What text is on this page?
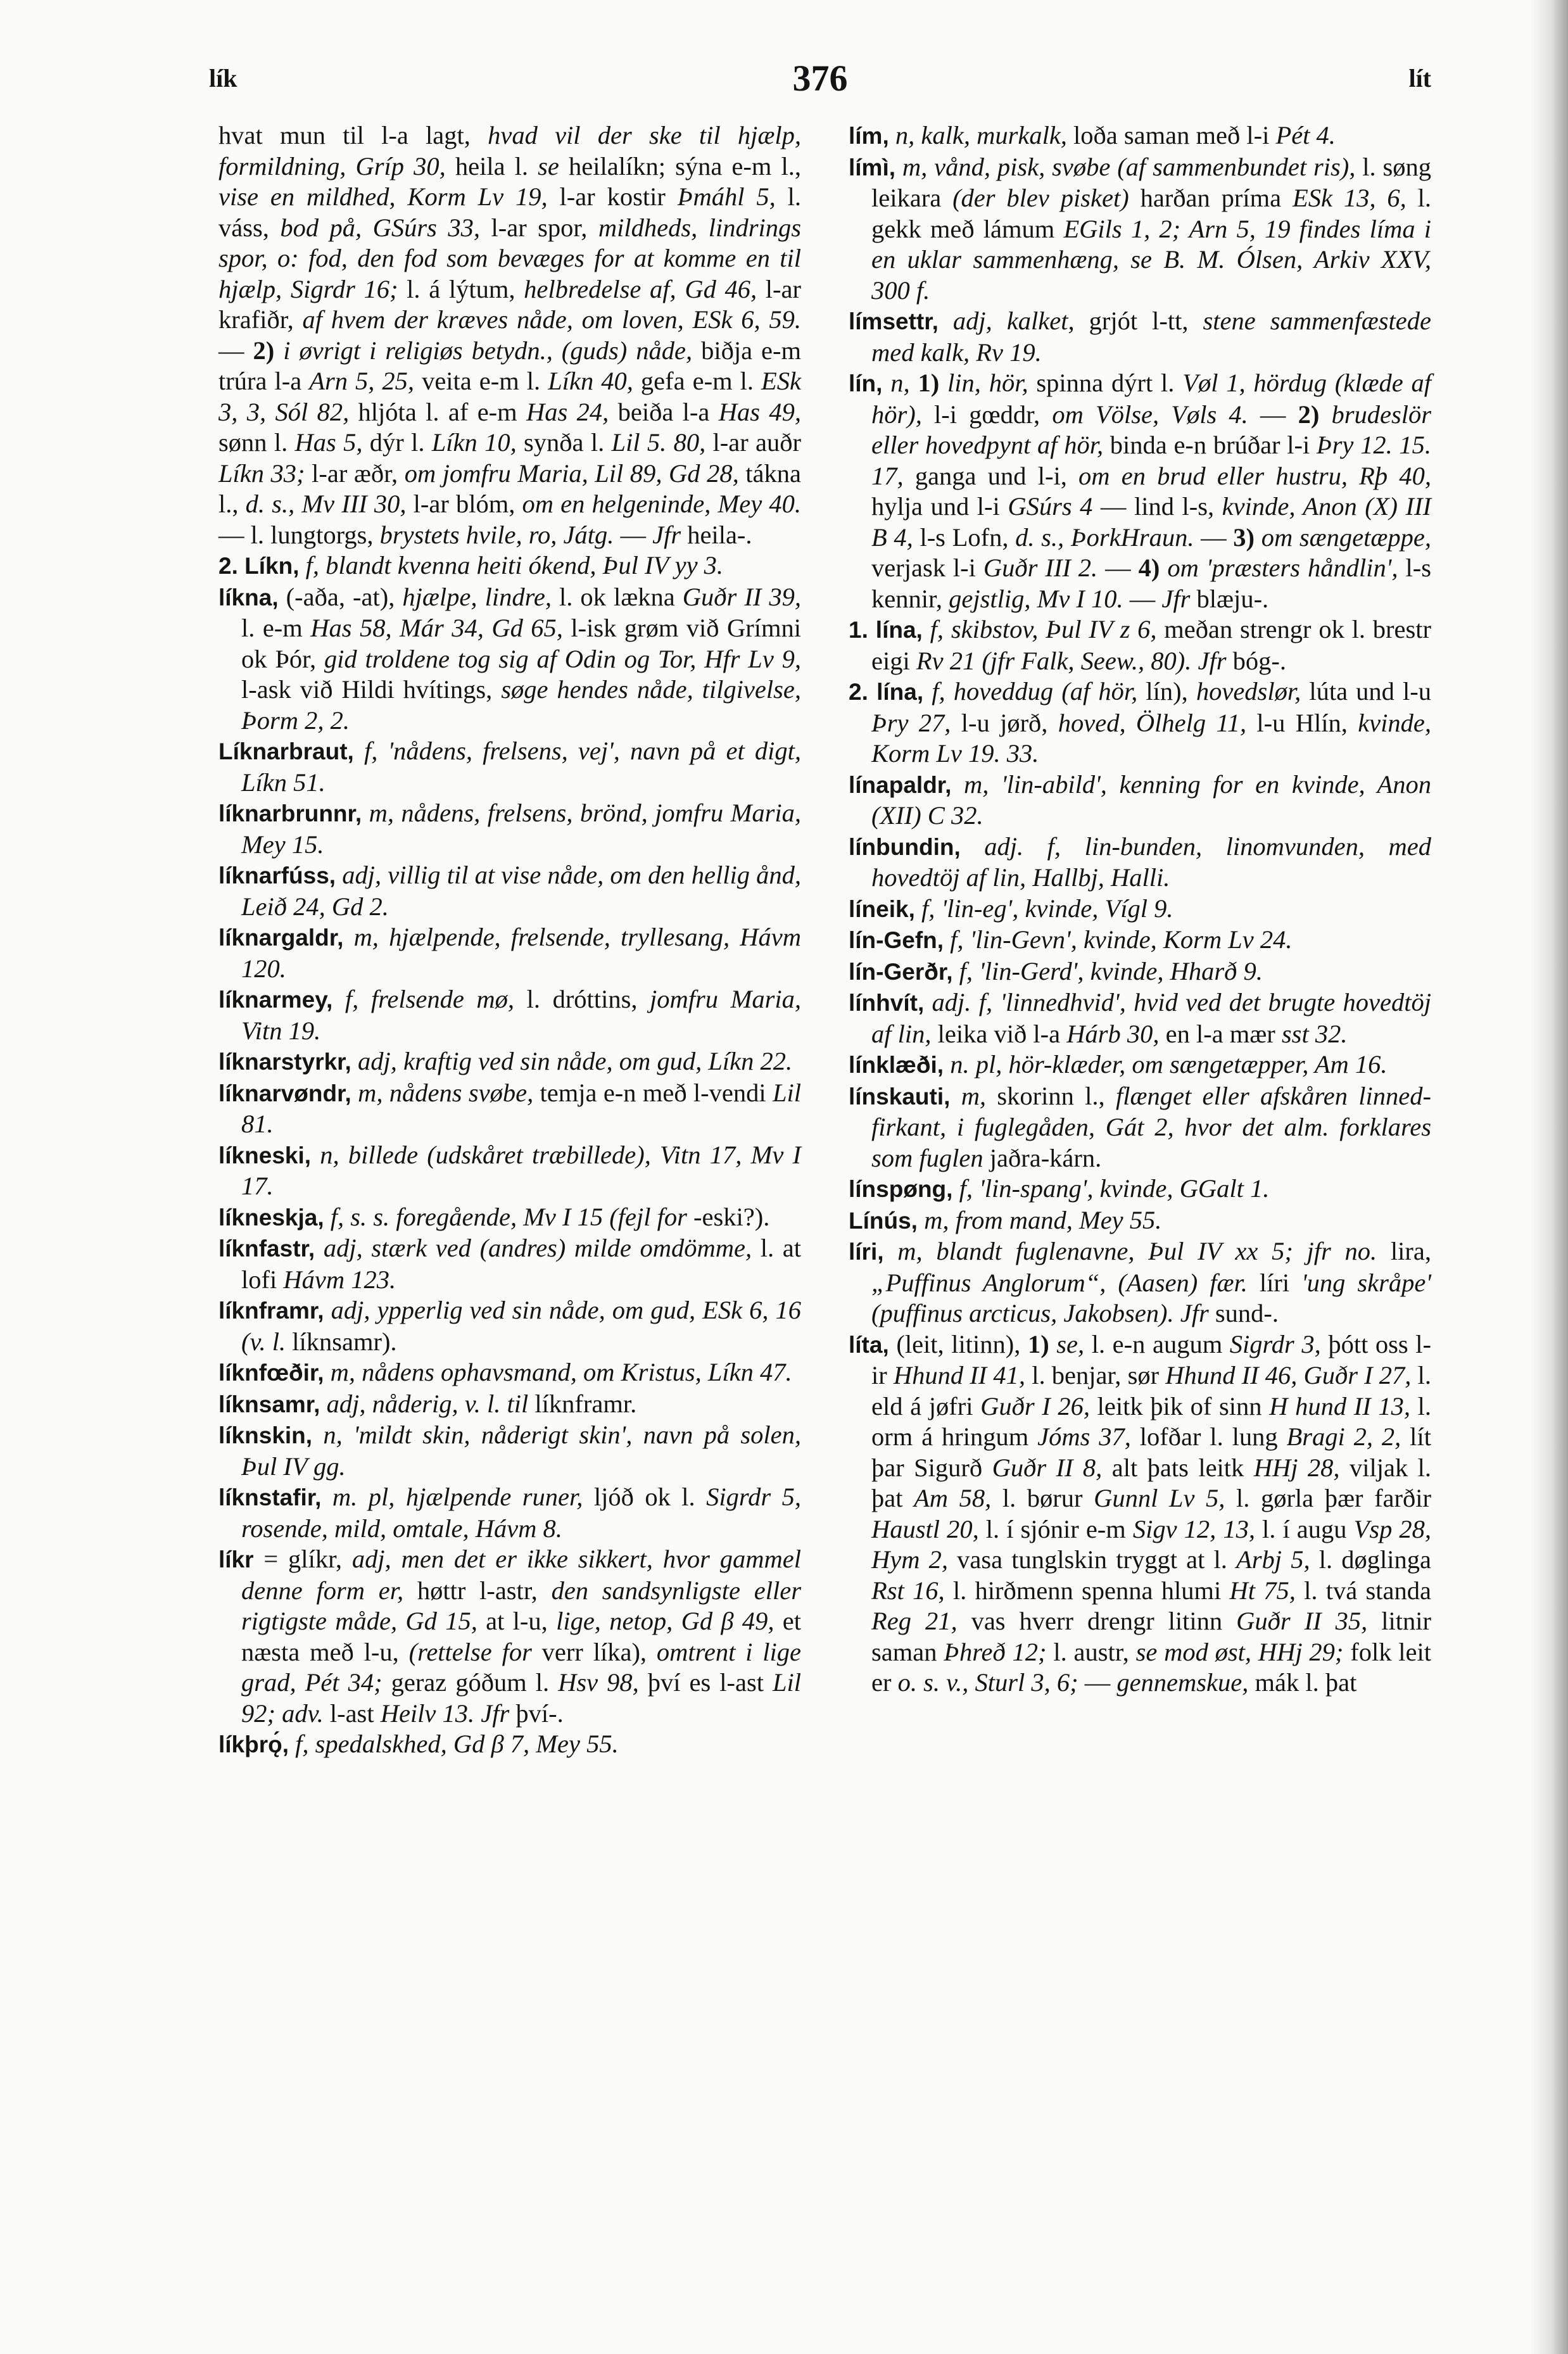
lík	376	lít

hvat mun til l-a lagt, hvad vil der ske til hjælp, formildning, Gríp 30, heila l. se heilalíkn; sýna e-m l., vise en mildhed, Korm Lv 19, l-ar kostir Þmáhl 5, l. váss, bod på, GSúrs 33, l-ar spor, mildheds, lindrings spor, o: fod, den fod som bevæges for at komme en til hjælp, Sigrdr 16; l. á lýtum, helbredelse af, Gd 46, l-ar krafiðr, af hvem der kræves nåde, om loven, ESk 6, 59. — 2) i øvrigt i religiøs betydn., (guds) nåde, biðja e-m trúra l-a Arn 5, 25, veita e-m l. Líkn 40, gefa e-m l. ESk 3, 3, Sól 82, hljóta l. af e-m Has 24, beiða l-a Has 49, sønn l. Has 5, dýr l. Líkn 10, synða l. Lil 5. 80, l-ar auðr Líkn 33; l-ar æðr, om jomfru Maria, Lil 89, Gd 28, tákna l., d. s., Mv III 30, l-ar blóm, om en helgeninde, Mey 40. — l. lungtorgs, brystets hvile, ro, Játg. — Jfr heila-.

2. Líkn, f, blandt kvenna heiti ókend, Þul IV yy 3.

líkna, (-aða, -at), hjælpe, lindre, l. ok lækna Guðr II 39, l. e-m Has 58, Már 34, Gd 65, l-isk grøm við Grímni ok Þór, gid troldene tog sig af Odin og Tor, Hfr Lv 9, l-ask við Hildi hvítings, søge hendes nåde, tilgivelse, Þorm 2, 2.

Líknarbraut, f, 'nådens, frelsens, vej', navn på et digt, Líkn 51.

líknarbrunnr, m, nådens, frelsens, brönd, jomfru Maria, Mey 15.

líknarfúss, adj, villig til at vise nåde, om den hellig ånd, Leið 24, Gd 2.

líknargaldr, m, hjælpende, frelsende, tryllesang, Hávm 120.

líknarmey, f, frelsende mø, l. dróttins, jomfru Maria, Vitn 19.

líknarstyrkr, adj, kraftig ved sin nåde, om gud, Líkn 22.

líknarvøndr, m, nådens svøbe, temja e-n með l-vendi Lil 81.

líkneski, n, billede (udskåret træbillede), Vitn 17, Mv I 17.

líkneskja, f, s. s. foregående, Mv I 15 (fejl for -eski?).

líknfastr, adj, stærk ved (andres) milde omdömme, l. at lofi Hávm 123.

líknframr, adj, ypperlig ved sin nåde, om gud, ESk 6, 16 (v. l. líknsamr).

líknfœðir, m, nådens ophavsmand, om Kristus, Líkn 47.

líknsamr, adj, nåderig, v. l. til líknframr.

líknskin, n, 'mildt skin, nåderigt skin', navn på solen, Þul IV gg.

líknstafir, m. pl, hjælpende runer, ljóð ok l. Sigrdr 5, rosende, mild, omtale, Hávm 8.

líkr = glíkr, adj, men det er ikke sikkert, hvor gammel denne form er, høttr l-astr, den sandsynligste eller rigtigste måde, Gd 15, at l-u, lige, netop, Gd β 49, et næsta með l-u, (rettelse for verr líka), omtrent i lige grad, Pét 34; geraz góðum l. Hsv 98, því es l-ast Lil 92; adv. l-ast Heilv 13. Jfr því-.

líkþrǫ́, f, spedalskhed, Gd β 7, Mey 55.

lím, n, kalk, murkalk, loða saman með l-i Pét 4.

límì, m, vånd, pisk, svøbe (af sammenbundet ris), l. søng leikara (der blev pisket) harðan príma ESk 13, 6, l. gekk með lámum EGils 1, 2; Arn 5, 19 findes líma i en uklar sammenhæng, se B. M. Ólsen, Arkiv XXV, 300 f.

límsettr, adj, kalket, grjót l-tt, stene sammenfæstede med kalk, Rv 19.

lín, n, 1) lin, hör, spinna dýrt l. Vøl 1, hördug (klæde af hör), l-i gœddr, om Völse, Vøls 4. — 2) brudeslör eller hovedpynt af hör, binda e-n brúðar l-i Þry 12. 15. 17, ganga und l-i, om en brud eller hustru, Rþ 40, hylja und l-i GSúrs 4 — lind l-s, kvinde, Anon (X) III B 4, l-s Lofn, d. s., ÞorkHraun. — 3) om sængetæppe, verjask l-i Guðr III 2. — 4) om 'præsters håndlin', l-s kennir, gejstlig, Mv I 10. — Jfr blæju-.

1. lína, f, skibstov, Þul IV z 6, meðan strengr ok l. brestr eigi Rv 21 (jfr Falk, Seew., 80). Jfr bóg-.

2. lína, f, hoveddug (af hör, lín), hovedslør, lúta und l-u Þry 27, l-u jørð, hoved, Ölhelg 11, l-u Hlín, kvinde, Korm Lv 19. 33.

línapaldr, m, 'lin-abild', kenning for en kvinde, Anon (XII) C 32.

línbundin, adj. f, lin-bunden, linomvunden, med hovedtöj af lin, Hallbj, Halli.

líneik, f, 'lin-eg', kvinde, Vígl 9.

lín-Gefn, f, 'lin-Gevn', kvinde, Korm Lv 24.

lín-Gerðr, f, 'lin-Gerd', kvinde, Hharð 9.

línhvít, adj. f, 'linnedhvid', hvid ved det brugte hovedtöj af lin, leika við l-a Hárb 30, en l-a mær sst 32.

línklæði, n. pl, hör-klæder, om sængetæpper, Am 16.

línskauti, m, skorinn l., flænget eller afskåren linned-firkant, i fuglegåden, Gát 2, hvor det alm. forklares som fuglen jaðra-kárn.

línspøng, f, 'lin-spang', kvinde, GGalt 1.

Línús, m, from mand, Mey 55.

líri, m, blandt fuglenavne, Þul IV xx 5; jfr no. lira, „Puffinus Anglorum“, (Aasen) fær. líri 'ung skråpe' (puffinus arcticus, Jakobsen). Jfr sund-.

líta, (leit, litinn), 1) se, l. e-n augum Sigrdr 3, þótt oss l-ir Hhund II 41, l. benjar, sør Hhund II 46, Guðr I 27, l. eld á jøfri Guðr I 26, leitk þik of sinn H hund II 13, l. orm á hringum Jóms 37, lofðar l. lung Bragi 2, 2, lít þar Sigurð Guðr II 8, alt þats leitk HHj 28, viljak l. þat Am 58, l. børur Gunnl Lv 5, l. gørla þær farðir Haustl 20, l. í sjónir e-m Sigv 12, 13, l. í augu Vsp 28, Hym 2, vasa tunglskin tryggt at l. Arbj 5, l. døglinga Rst 16, l. hirðmenn spenna hlumi Ht 75, l. tvá standa Reg 21, vas hverr drengr litinn Guðr II 35, litnir saman Þhreð 12; l. austr, se mod øst, HHj 29; folk leit er o. s. v., Sturl 3, 6; — gennemskue, mák l. þat
